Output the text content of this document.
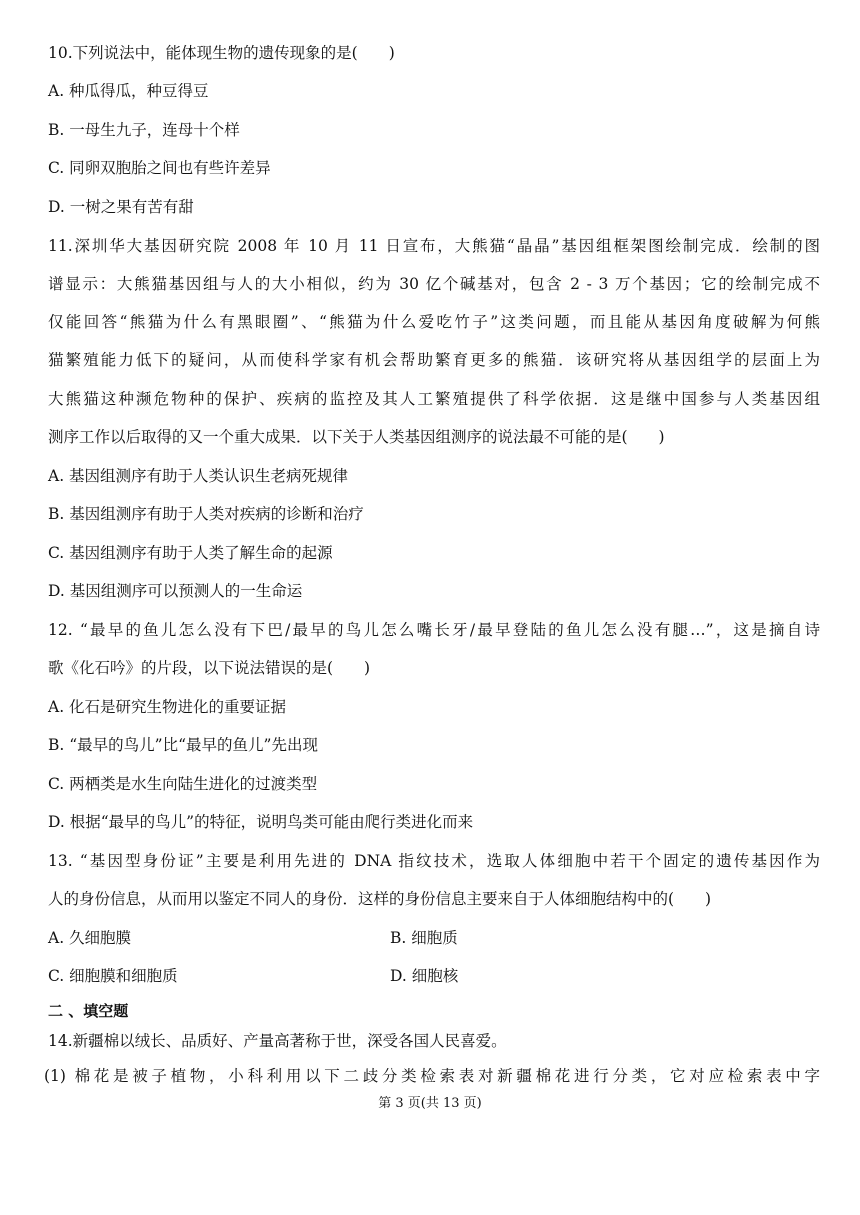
10.下列说法中，能体现生物的遗传现象的是(　　)
A. 种瓜得瓜，种豆得豆
B. 一母生九子，连母十个样
C. 同卵双胞胎之间也有些许差异
D. 一树之果有苦有甜
11.深圳华大基因研究院 2008 年 10 月 11 日宣布，大熊猫“晶晶”基因组框架图绘制完成．绘制的图
谱显示：大熊猫基因组与人的大小相似，约为 30 亿个碱基对，包含 2 - 3 万个基因；它的绘制完成不
仅能回答“熊猫为什么有黑眼圈”、“熊猫为什么爱吃竹子”这类问题，而且能从基因角度破解为何熊
猫繁殖能力低下的疑问，从而使科学家有机会帮助繁育更多的熊猫．该研究将从基因组学的层面上为
大熊猫这种濒危物种的保护、疾病的监控及其人工繁殖提供了科学依据．这是继中国参与人类基因组
测序工作以后取得的又一个重大成果．以下关于人类基因组测序的说法最不可能的是(　　)
A. 基因组测序有助于人类认识生老病死规律
B. 基因组测序有助于人类对疾病的诊断和治疗
C. 基因组测序有助于人类了解生命的起源
D. 基因组测序可以预测人的一生命运
12. “最早的鱼儿怎么没有下巴/最早的鸟儿怎么嘴长牙/最早登陆的鱼儿怎么没有腿…”，这是摘自诗
歌《化石吟》的片段，以下说法错误的是(　　)
A. 化石是研究生物进化的重要证据
B. “最早的鸟儿”比“最早的鱼儿”先出现
C. 两栖类是水生向陆生进化的过渡类型
D. 根据“最早的鸟儿”的特征，说明鸟类可能由爬行类进化而来
13. “基因型身份证”主要是利用先进的 DNA 指纹技术，选取人体细胞中若干个固定的遗传基因作为
人的身份信息，从而用以鉴定不同人的身份．这样的身份信息主要来自于人体细胞结构中的(　　)
A. 久细胞膜	B. 细胞质
C. 细胞膜和细胞质	D. 细胞核
二 、填空题
14.新疆棉以绒长、品质好、产量高著称于世，深受各国人民喜爱。
(1) 棉花是被子植物，小科利用以下二歧分类检索表对新疆棉花进行分类，它对应检索表中字
第 3 页(共 13 页)
